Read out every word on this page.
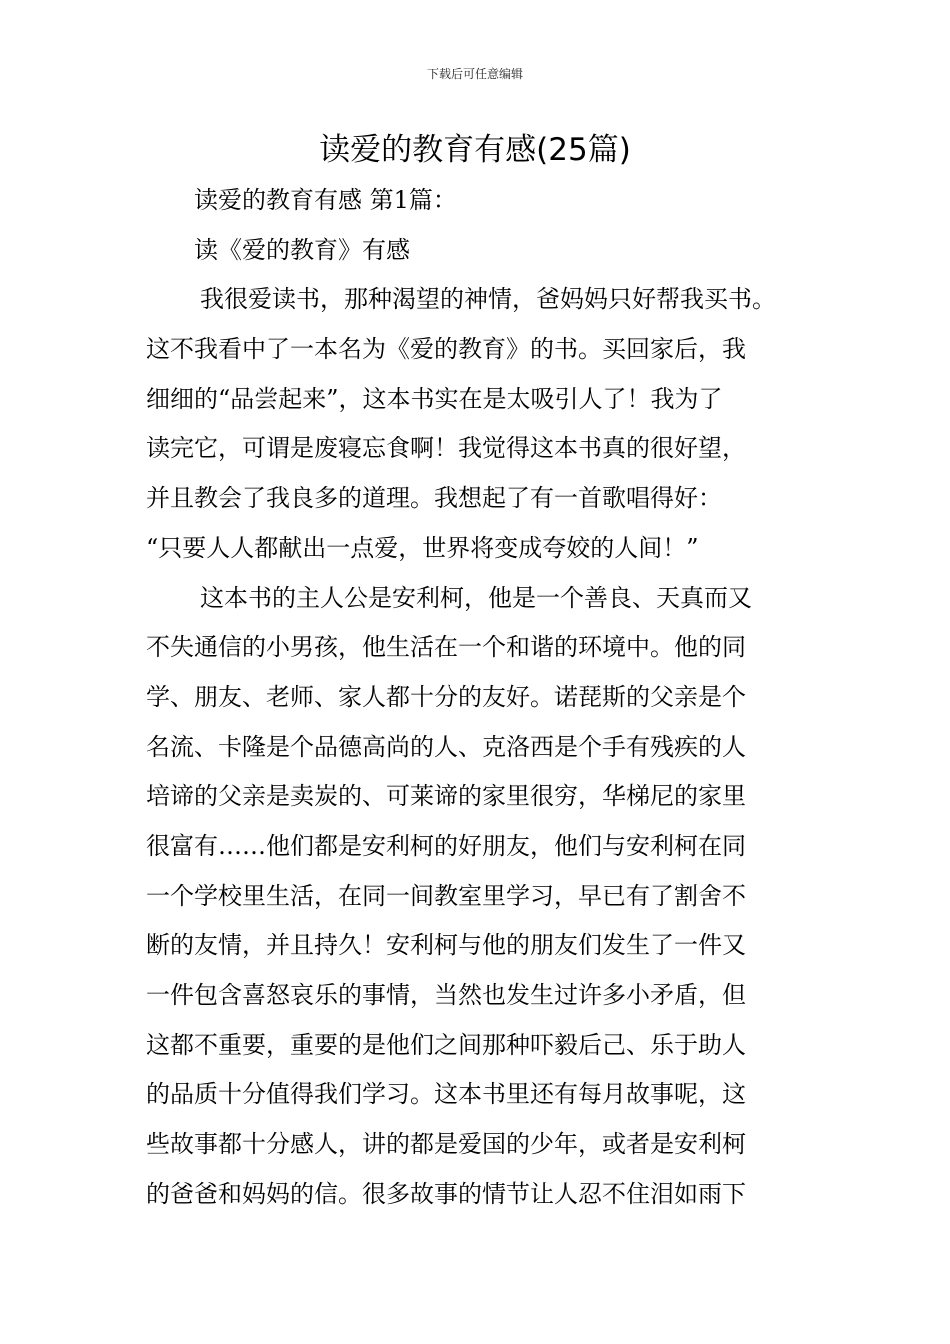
下载后可任意编辑
读爱的教育有感(25篇)
读爱的教育有感 第1篇：
读《爱的教育》有感
我很爱读书，那种渴望的神情，爸妈妈只好帮我买书。
这不我看中了一本名为《爱的教育》的书。买回家后，我
细细的“品尝起来”，这本书实在是太吸引人了！我为了
读完它，可谓是废寝忘食啊！我觉得这本书真的很好望，
并且教会了我良多的道理。我想起了有一首歌唱得好：
“只要人人都献出一点爱，世界将变成夸姣的人间！”
这本书的主人公是安利柯，他是一个善良、天真而又
不失通信的小男孩，他生活在一个和谐的环境中。他的同
学、朋友、老师、家人都十分的友好。诺琵斯的父亲是个
名流、卡隆是个品德高尚的人、克洛西是个手有残疾的人
培谛的父亲是卖炭的、可莱谛的家里很穷，华梯尼的家里
很富有……他们都是安利柯的好朋友，他们与安利柯在同
一个学校里生活，在同一间教室里学习，早已有了割舍不
断的友情，并且持久！安利柯与他的朋友们发生了一件又
一件包含喜怒哀乐的事情，当然也发生过许多小矛盾，但
这都不重要，重要的是他们之间那种吓毅后己、乐于助人
的品质十分值得我们学习。这本书里还有每月故事呢，这
些故事都十分感人，讲的都是爱国的少年，或者是安利柯
的爸爸和妈妈的信。很多故事的情节让人忍不住泪如雨下
